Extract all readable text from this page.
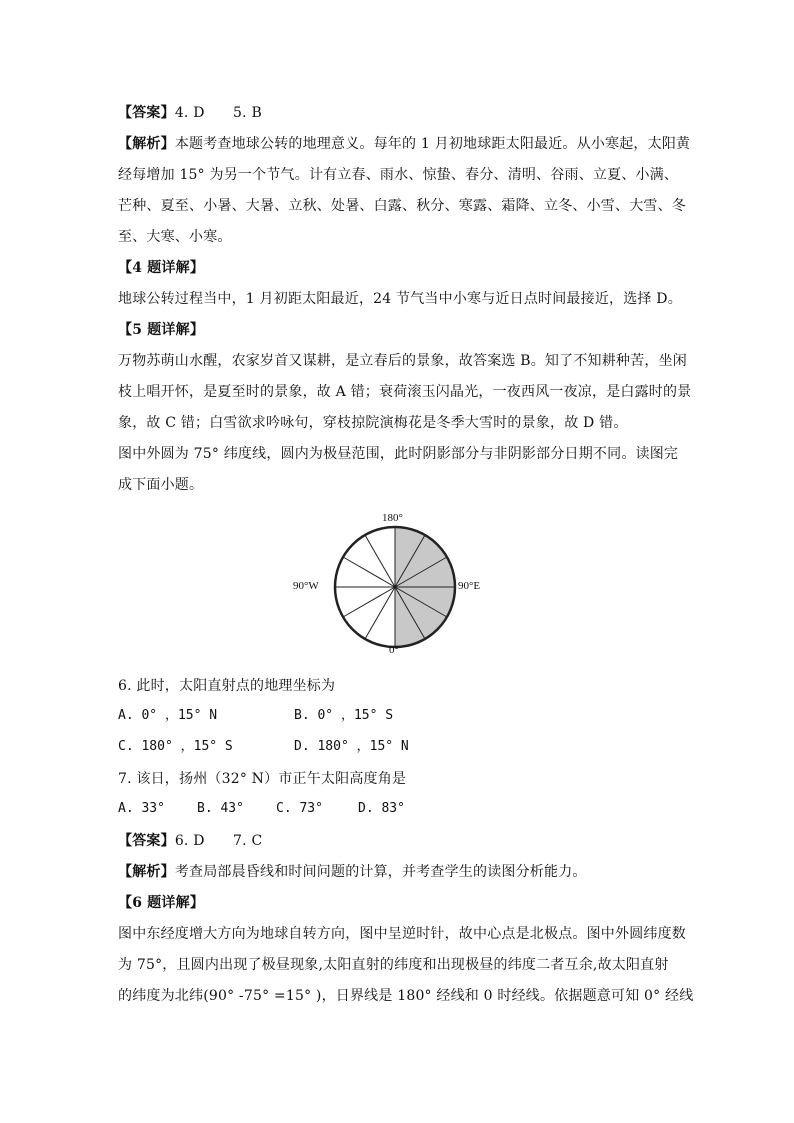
【答案】4. D　　5. B
【解析】本题考查地球公转的地理意义。每年的 1 月初地球距太阳最近。从小寒起，太阳黄
经每增加 15° 为另一个节气。计有立春、雨水、惊蛰、春分、清明、谷雨、立夏、小满、
芒种、夏至、小暑、大暑、立秋、处暑、白露、秋分、寒露、霜降、立冬、小雪、大雪、冬
至、大寒、小寒。
【4 题详解】
地球公转过程当中，1 月初距太阳最近，24 节气当中小寒与近日点时间最接近，选择 D。
【5 题详解】
万物苏萌山水醒，农家岁首又谋耕，是立春后的景象，故答案选 B。知了不知耕种苦，坐闲
枝上唱开怀，是夏至时的景象，故 A 错；衰荷滚玉闪晶光，一夜西风一夜凉，是白露时的景
象，故 C 错；白雪欲求吟咏句，穿枝掠院演梅花是冬季大雪时的景象，故 D 错。
图中外圆为 75° 纬度线，圆内为极昼范围，此时阴影部分与非阴影部分日期不同。读图完
成下面小题。
180°
90°W	90°E
0°
6. 此时，太阳直射点的地理坐标为
A. 0° ，15° N	B. 0° ，15° S
C. 180° ，15° S	D. 180° ，15° N
7. 该日，扬州（32° N）市正午太阳高度角是
A. 33° B. 43° C. 73°	D. 83°
【答案】6. D　　7. C
【解析】考查局部晨昏线和时间问题的计算，并考查学生的读图分析能力。
【6 题详解】
图中东经度增大方向为地球自转方向，图中呈逆时针，故中心点是北极点。图中外圆纬度数
为 75°，且圆内出现了极昼现象,太阳直射的纬度和出现极昼的纬度二者互余,故太阳直射
的纬度为北纬(90° -75° =15° )，日界线是 180° 经线和 0 时经线。依据题意可知 0° 经线
